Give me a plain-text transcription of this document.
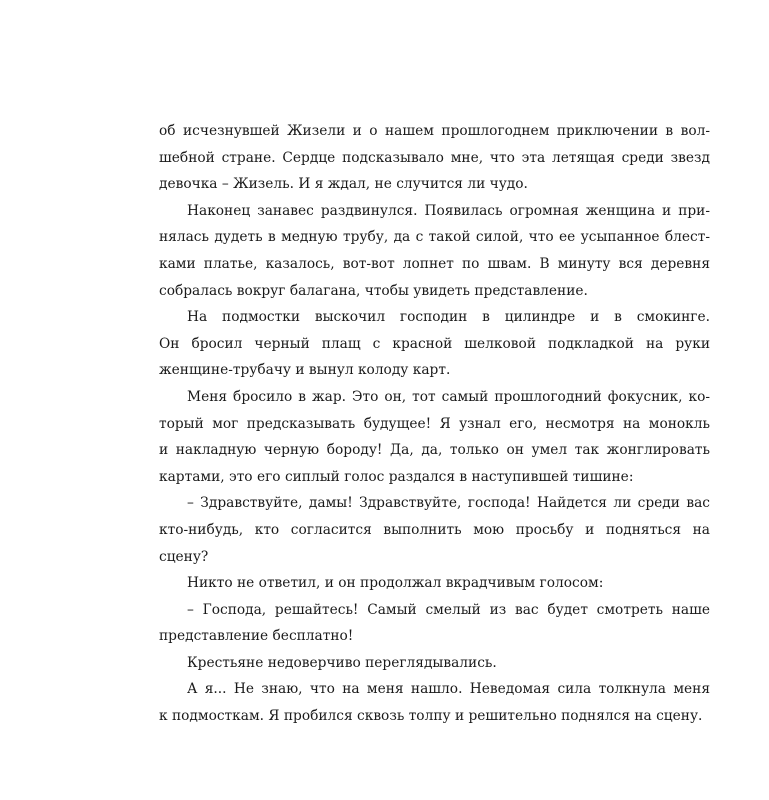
об исчезнувшей Жизели и о нашем прошлогоднем приключении в вол-
шебной стране. Сердце подсказывало мне, что эта летящая среди звезд
девочка – Жизель. И я ждал, не случится ли чудо.
Наконец занавес раздвинулся. Появилась огромная женщина и при-
нялась дудеть в медную трубу, да с такой силой, что ее усыпанное блест-
ками платье, казалось, вот-вот лопнет по швам. В минуту вся деревня
собралась вокруг балагана, чтобы увидеть представление.
На подмостки выскочил господин в цилиндре и в смокинге.
Он бросил черный плащ с красной шелковой подкладкой на руки
женщине-трубачу и вынул колоду карт.
Меня бросило в жар. Это он, тот самый прошлогодний фокусник, ко-
торый мог предсказывать будущее! Я узнал его, несмотря на монокль
и накладную черную бороду! Да, да, только он умел так жонглировать
картами, это его сиплый голос раздался в наступившей тишине:
– Здравствуйте, дамы! Здравствуйте, господа! Найдется ли среди вас
кто-нибудь, кто согласится выполнить мою просьбу и подняться на
сцену?
Никто не ответил, и он продолжал вкрадчивым голосом:
– Господа, решайтесь! Самый смелый из вас будет смотреть наше
представление бесплатно!
Крестьяне недоверчиво переглядывались.
А я... Не знаю, что на меня нашло. Неведомая сила толкнула меня
к подмосткам. Я пробился сквозь толпу и решительно поднялся на сцену.
